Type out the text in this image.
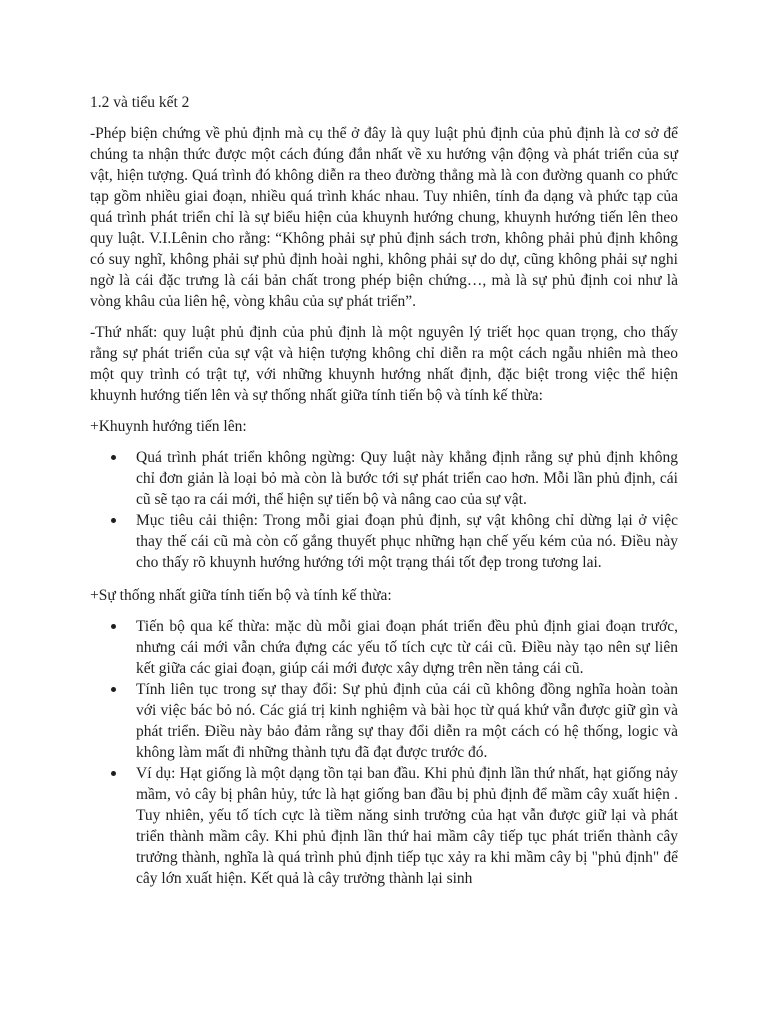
1.2 và tiểu kết 2

-Phép biện chứng về phủ định mà cụ thể ở đây là quy luật phủ định của phủ định là cơ sở để chúng ta nhận thức được một cách đúng đắn nhất về xu hướng vận động và phát triển của sự vật, hiện tượng. Quá trình đó không diễn ra theo đường thẳng mà là con đường quanh co phức tạp gồm nhiều giai đoạn, nhiều quá trình khác nhau. Tuy nhiên, tính đa dạng và phức tạp của quá trình phát triển chỉ là sự biểu hiện của khuynh hướng chung, khuynh hướng tiến lên theo quy luật. V.I.Lênin cho rằng: “Không phải sự phủ định sách trơn, không phải phủ định không có suy nghĩ, không phải sự phủ định hoài nghi, không phải sự do dự, cũng không phải sự nghi ngờ là cái đặc trưng là cái bản chất trong phép biện chứng…, mà là sự phủ định coi như là vòng khâu của liên hệ, vòng khâu của sự phát triển”.

-Thứ nhất: quy luật phủ định của phủ định là một nguyên lý triết học quan trọng, cho thấy rằng sự phát triển của sự vật và hiện tượng không chỉ diễn ra một cách ngẫu nhiên mà theo một quy trình có trật tự, với những khuynh hướng nhất định, đặc biệt trong việc thể hiện khuynh hướng tiến lên và sự thống nhất giữa tính tiến bộ và tính kế thừa:

+Khuynh hướng tiến lên:

Quá trình phát triển không ngừng: Quy luật này khẳng định rằng sự phủ định không chỉ đơn giản là loại bỏ mà còn là bước tới sự phát triển cao hơn. Mỗi lần phủ định, cái cũ sẽ tạo ra cái mới, thể hiện sự tiến bộ và nâng cao của sự vật.
Mục tiêu cải thiện: Trong mỗi giai đoạn phủ định, sự vật không chỉ dừng lại ở việc thay thế cái cũ mà còn cố gắng thuyết phục những hạn chế yếu kém của nó. Điều này cho thấy rõ khuynh hướng hướng tới một trạng thái tốt đẹp trong tương lai.

+Sự thống nhất giữa tính tiến bộ và tính kế thừa:

Tiến bộ qua kế thừa: mặc dù mỗi giai đoạn phát triển đều phủ định giai đoạn trước, nhưng cái mới vẫn chứa đựng các yếu tố tích cực từ cái cũ. Điều này tạo nên sự liên kết giữa các giai đoạn, giúp cái mới được xây dựng trên nền tảng cái cũ.
Tính liên tục trong sự thay đổi: Sự phủ định của cái cũ không đồng nghĩa hoàn toàn với việc bác bỏ nó. Các giá trị kinh nghiệm và bài học từ quá khứ vẫn được giữ gìn và phát triển. Điều này bảo đảm rằng sự thay đổi diễn ra một cách có hệ thống, logic và không làm mất đi những thành tựu đã đạt được trước đó.
Ví dụ: Hạt giống là một dạng tồn tại ban đầu. Khi phủ định lần thứ nhất, hạt giống nảy mầm, vỏ cây bị phân hủy, tức là hạt giống ban đầu bị phủ định để mầm cây xuất hiện . Tuy nhiên, yếu tố tích cực là tiềm năng sinh trưởng của hạt vẫn được giữ lại và phát triển thành mầm cây. Khi phủ định lần thứ hai mầm cây tiếp tục phát triển thành cây trưởng thành, nghĩa là quá trình phủ định tiếp tục xảy ra khi mầm cây bị "phủ định" để cây lớn xuất hiện. Kết quả là cây trưởng thành lại sinh
